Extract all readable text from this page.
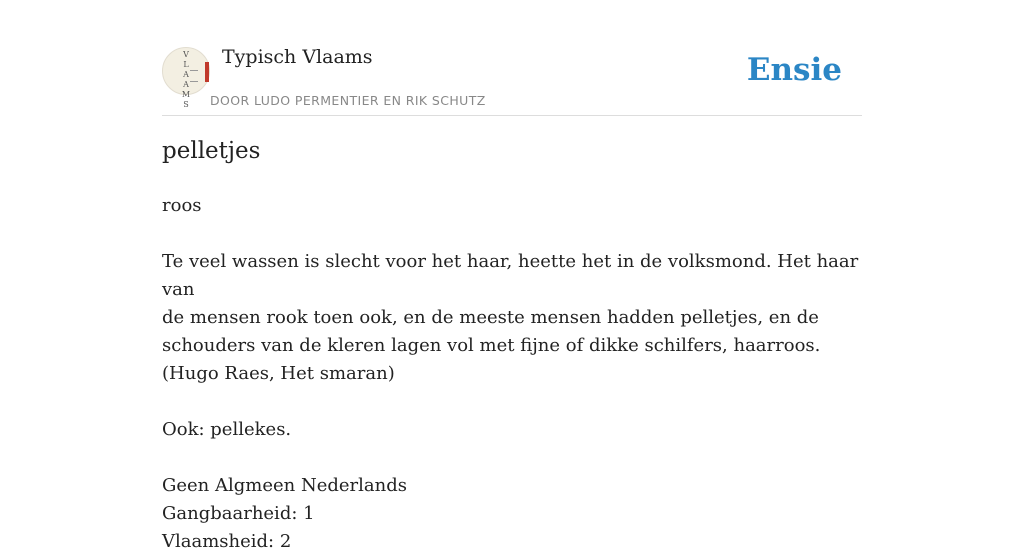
V
L
A
A
M
S
Typisch Vlaams
DOOR LUDO PERMENTIER EN RIK SCHUTZ
Ensie
pelletjes

roos

Te veel wassen is slecht voor het haar, heette het in de volksmond. Het haar van

de mensen rook toen ook, en de meeste mensen hadden pelletjes, en de

schouders van de kleren lagen vol met fijne of dikke schilfers, haarroos.

(Hugo Raes, Het smaran)

Ook: pellekes.

Geen Algmeen Nederlands

Gangbaarheid: 1

Vlaamsheid: 2
